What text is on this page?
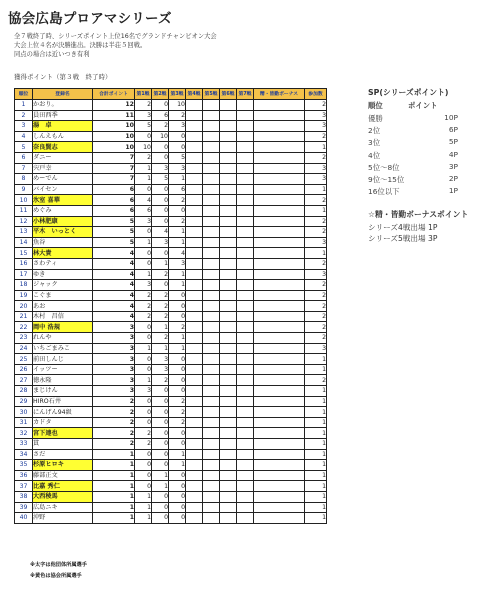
協会広島プロアマシリーズ
全７戦終了時、シリーズポイント上位16名でグランドチャンピオン大会
大会上位４名が決勝進出。決勝は半荘５回戦。
同点の場合は近いつき有利
獲得ポイント（第３戦　終了時）
順位	登録名	合計ポイント	第1戦	第2戦	第3戦	第4戦	第5戦	第6戦	第7戦	精・皆勤ボーナス	参加数
1	かおり。	12	2	0	10						2
2	員田西季	11	3	6	2						3
3	湯　卓	10	5	2	3						3
4	しんえもん	10	0	10	0						2
5	奈良賢志	10	10	0	0						1
6	ダニー	7	2	0	5						2
7	宍戸幸	7	1	3	3						3
8	めーでん	7	1	5	1						3
9	バイセン	6	0	0	6						1
10	氷室 喜華	6	4	0	2						2
11	めぐみ	6	6	0	0						1
12	小林肥康	5	3	0	2						2
13	平木　いっとく	5	0	4	1						2
14	魚谷	5	1	3	1						3
15	林大貴	4	0	0	4						1
16	さわティ	4	0	1	3						2
17	ゆき	4	1	2	1						3
18	ジャック	4	3	0	1						2
19	こぐま	4	2	2	0						2
20	あお	4	2	2	0						2
21	木村　昌信	4	2	2	0						2
22	岡中 浩規	3	0	1	2						2
23	れんや	3	0	2	1						2
24	いちごまみこ	3	1	1	1						3
25	前田しんじ	3	0	3	0						1
26	イッツー	3	0	3	0						1
27	徳永隆	3	1	2	0						2
28	まじけん	3	3	0	0						1
29	HIRO石井	2	0	0	2						1
30	にんげん94級	2	0	0	2						1
31	カドタ	2	0	0	2						1
32	宮下連也	2	2	0	0						1
33	貫	2	2	0	0						1
34	さだ	1	0	0	1						1
35	杉原ヒロキ	1	0	0	1						1
36	藤部正文	1	0	1	0						1
37	比嘉 秀仁	1	0	1	0						1
38	大西稜馬	1	1	0	0						1
39	広島ニキ	1	1	0	0						1
40	沖野	1	1	0	0						1
※太字は他団体所属選手
※黄色は協会所属選手
SP(シリーズポイント)
順位	ポイント
優勝	10P
2位	6P
3位	5P
4位	4P
5位〜8位	3P
9位〜15位	2P
16位以下	1P
☆精・皆勤ボーナスポイント
シリーズ4戦出場 1P
シリーズ5戦出場 3P
